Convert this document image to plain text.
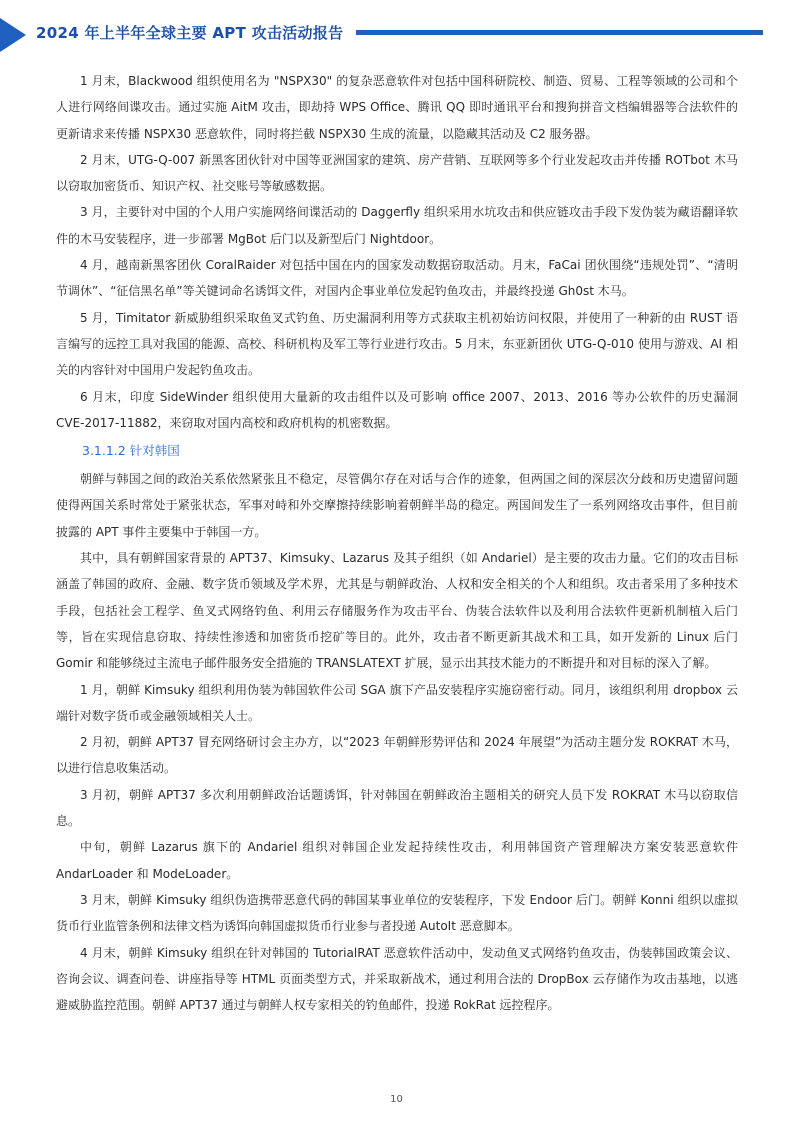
2024 年上半年全球主要 APT 攻击活动报告

1 月末，Blackwood 组织使用名为 "NSPX30" 的复杂恶意软件对包括中国科研院校、制造、贸易、工程等领域的公司和个人进行网络间谍攻击。通过实施 AitM 攻击，即劫持 WPS Office、腾讯 QQ 即时通讯平台和搜狗拼音文档编辑器等合法软件的更新请求来传播 NSPX30 恶意软件，同时将拦截 NSPX30 生成的流量，以隐藏其活动及 C2 服务器。

2 月末，UTG-Q-007 新黑客团伙针对中国等亚洲国家的建筑、房产营销、互联网等多个行业发起攻击并传播 ROTbot 木马以窃取加密货币、知识产权、社交账号等敏感数据。

3 月，主要针对中国的个人用户实施网络间谍活动的 Daggerfly 组织采用水坑攻击和供应链攻击手段下发伪装为藏语翻译软件的木马安装程序，进一步部署 MgBot 后门以及新型后门 Nightdoor。

4 月，越南新黑客团伙 CoralRaider 对包括中国在内的国家发动数据窃取活动。月末，FaCai 团伙围绕“违规处罚”、“清明节调休”、“征信黑名单”等关键词命名诱饵文件，对国内企事业单位发起钓鱼攻击，并最终投递 Gh0st 木马。

5 月，Timitator 新威胁组织采取鱼叉式钓鱼、历史漏洞利用等方式获取主机初始访问权限，并使用了一种新的由 RUST 语言编写的远控工具对我国的能源、高校、科研机构及军工等行业进行攻击。5 月末，东亚新团伙 UTG-Q-010 使用与游戏、AI 相关的内容针对中国用户发起钓鱼攻击。

6 月末，印度 SideWinder 组织使用大量新的攻击组件以及可影响 office 2007、2013、2016 等办公软件的历史漏洞 CVE-2017-11882，来窃取对国内高校和政府机构的机密数据。

3.1.1.2 针对韩国

朝鲜与韩国之间的政治关系依然紧张且不稳定，尽管偶尔存在对话与合作的迹象，但两国之间的深层次分歧和历史遗留问题使得两国关系时常处于紧张状态，军事对峙和外交摩擦持续影响着朝鲜半岛的稳定。两国间发生了一系列网络攻击事件，但目前披露的 APT 事件主要集中于韩国一方。

其中，具有朝鲜国家背景的 APT37、Kimsuky、Lazarus 及其子组织（如 Andariel）是主要的攻击力量。它们的攻击目标涵盖了韩国的政府、金融、数字货币领域及学术界，尤其是与朝鲜政治、人权和安全相关的个人和组织。攻击者采用了多种技术手段，包括社会工程学、鱼叉式网络钓鱼、利用云存储服务作为攻击平台、伪装合法软件以及利用合法软件更新机制植入后门等，旨在实现信息窃取、持续性渗透和加密货币挖矿等目的。此外，攻击者不断更新其战术和工具，如开发新的 Linux 后门 Gomir 和能够绕过主流电子邮件服务安全措施的 TRANSLATEXT 扩展，显示出其技术能力的不断提升和对目标的深入了解。

1 月，朝鲜 Kimsuky 组织利用伪装为韩国软件公司 SGA 旗下产品安装程序实施窃密行动。同月，该组织利用 dropbox 云端针对数字货币或金融领域相关人士。

2 月初，朝鲜 APT37 冒充网络研讨会主办方，以“2023 年朝鲜形势评估和 2024 年展望”为活动主题分发 ROKRAT 木马，以进行信息收集活动。

3 月初，朝鲜 APT37 多次利用朝鲜政治话题诱饵，针对韩国在朝鲜政治主题相关的研究人员下发 ROKRAT 木马以窃取信息。

中旬，朝鲜 Lazarus 旗下的 Andariel 组织对韩国企业发起持续性攻击，利用韩国资产管理解决方案安装恶意软件 AndarLoader 和 ModeLoader。

3 月末，朝鲜 Kimsuky 组织伪造携带恶意代码的韩国某事业单位的安装程序，下发 Endoor 后门。朝鲜 Konni 组织以虚拟货币行业监管条例和法律文档为诱饵向韩国虚拟货币行业参与者投递 AutoIt 恶意脚本。

4 月末，朝鲜 Kimsuky 组织在针对韩国的 TutorialRAT 恶意软件活动中，发动鱼叉式网络钓鱼攻击，伪装韩国政策会议、咨询会议、调查问卷、讲座指导等 HTML 页面类型方式，并采取新战术，通过利用合法的 DropBox 云存储作为攻击基地，以逃避威胁监控范围。朝鲜 APT37 通过与朝鲜人权专家相关的钓鱼邮件，投递 RokRat 远控程序。

10
